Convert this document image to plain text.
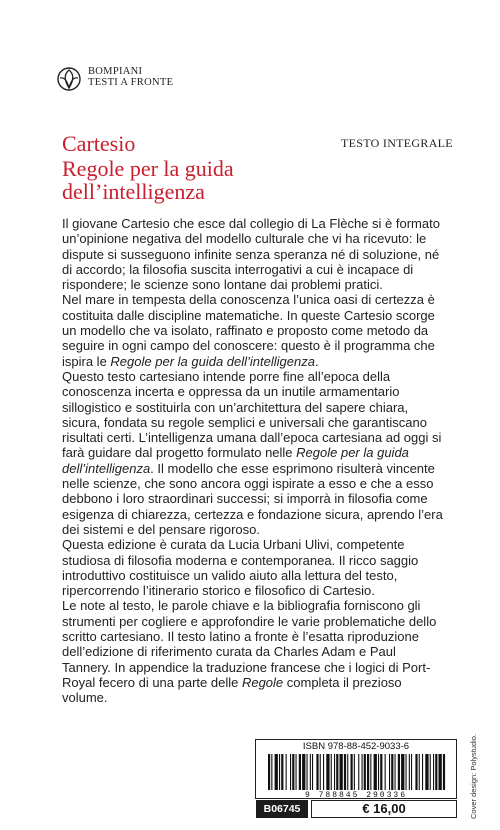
BOMPIANI
TESTI A FRONTE
Cartesio
Regole per la guida dell’intelligenza
TESTO INTEGRALE

Il giovane Cartesio che esce dal collegio di La Flèche si è formato un’opinione negativa del modello culturale che vi ha ricevuto: le dispute si susseguono infinite senza speranza né di soluzione, né di accordo; la filosofia suscita interrogativi a cui è incapace di rispondere; le scienze sono lontane dai problemi pratici.

Nel mare in tempesta della conoscenza l’unica oasi di certezza è costituita dalle discipline matematiche. In queste Cartesio scorge un modello che va isolato, raffinato e proposto come metodo da seguire in ogni campo del conoscere: questo è il programma che ispira le Regole per la guida dell’intelligenza.

Questo testo cartesiano intende porre fine all’epoca della conoscenza incerta e oppressa da un inutile armamentario sillogistico e sostituirla con un’architettura del sapere chiara, sicura, fondata su regole semplici e universali che garantiscano risultati certi. L’intelligenza umana dall’epoca cartesiana ad oggi si farà guidare dal progetto formulato nelle Regole per la guida dell’intelligenza. Il modello che esse esprimono risulterà vincente nelle scienze, che sono ancora oggi ispirate a esso e che a esso debbono i loro straordinari successi; si imporrà in filosofia come esigenza di chiarezza, certezza e fondazione sicura, aprendo l’era dei sistemi e del pensare rigoroso.

Questa edizione è curata da Lucia Urbani Ulivi, competente studiosa di filosofia moderna e contemporanea. Il ricco saggio introduttivo costituisce un valido aiuto alla lettura del testo, ripercorrendo l’itinerario storico e filosofico di Cartesio.

Le note al testo, le parole chiave e la bibliografia forniscono gli strumenti per cogliere e approfondire le varie problematiche dello scritto cartesiano. Il testo latino a fronte è l’esatta riproduzione dell’edizione di riferimento curata da Charles Adam e Paul Tannery. In appendice la traduzione francese che i logici di Port-Royal fecero di una parte delle Regole completa il prezioso volume.

ISBN 978-88-452-9033-6
9 788845 290336
B06745	€ 16,00	Cover design: Polystudio.
